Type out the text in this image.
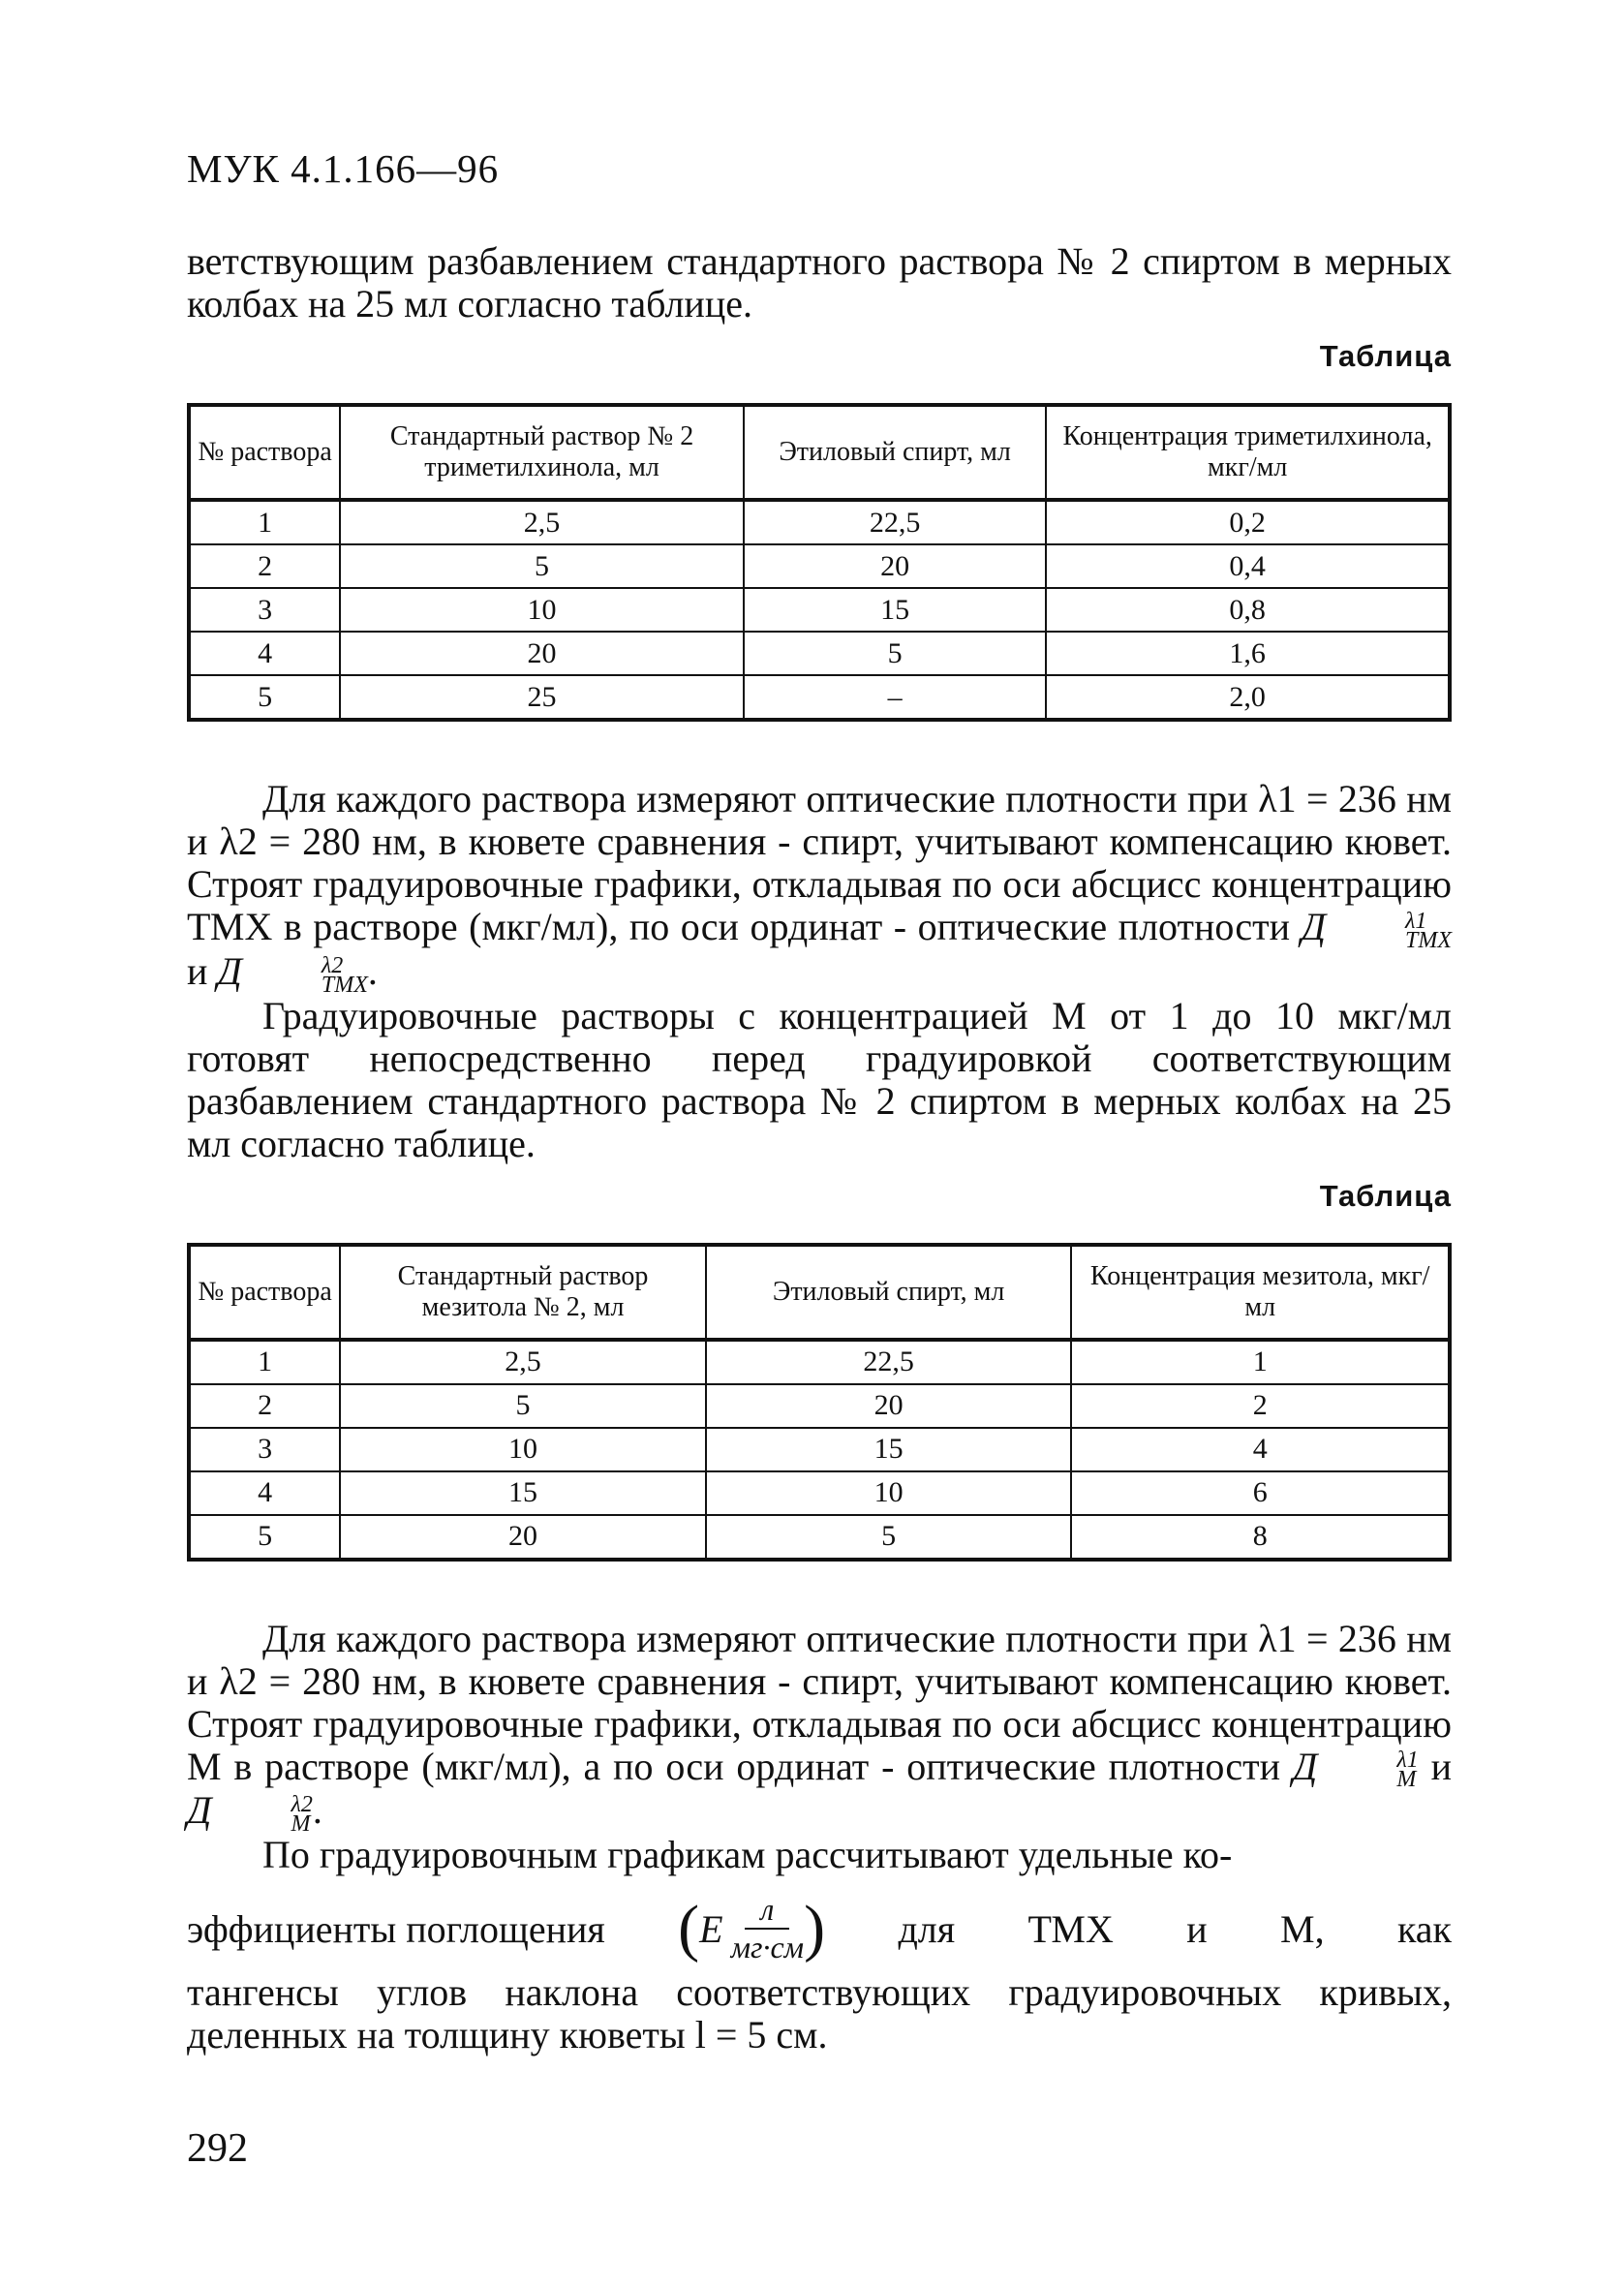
МУК 4.1.166—96
ветствующим разбавлением стандартного раствора № 2 спиртом в мерных колбах на 25 мл согласно таблице.
Таблица
№ раствора	Стандартный раствор № 2 триметилхинола, мл	Этиловый спирт, мл	Концентрация триметилхинола, мкг/мл
1	2,5	22,5	0,2
2	5	20	0,4
3	10	15	0,8
4	20	5	1,6
5	25	–	2,0
Для каждого раствора измеряют оптические плотности при λ1 = 236 нм и λ2 = 280 нм, в кювете сравнения - спирт, учитывают компенсацию кювет. Строят градуировочные графики, откладывая по оси абсцисс концентрацию ТМХ в растворе (мкг/мл), по оси ординат - оптические плотности Д	λ1
ТМХ
и Д	λ2
ТМХ .
Градуировочные растворы с концентрацией М от 1 до 10 мкг/мл готовят непосредственно перед градуировкой соответствующим разбавлением стандартного раствора № 2 спиртом в мерных колбах на 25 мл согласно таблице.
Таблица
№ раствора	Стандартный раствор мезитола № 2, мл	Этиловый спирт, мл	Концентрация мезитола, мкг/мл
1	2,5	22,5	1
2	5	20	2
3	10	15	4
4	15	10	6
5	20	5	8
Для каждого раствора измеряют оптические плотности при λ1 = 236 нм и λ2 = 280 нм, в кювете сравнения - спирт, учитывают компенсацию кювет. Строят градуировочные графики, откладывая по оси абсцисс концентрацию М в растворе (мкг/мл), а по оси ординат - оптические плотности Д	λ1
М и Д	λ2
М .
По градуировочным графикам рассчитывают удельные ко-
эффициенты поглощения ( E $\frac{л}{мг\cdot см}$ ) для ТМХ и М, как
тангенсы углов наклона соответствующих градуировочных кривых, деленных на толщину кюветы l = 5 см.
292
